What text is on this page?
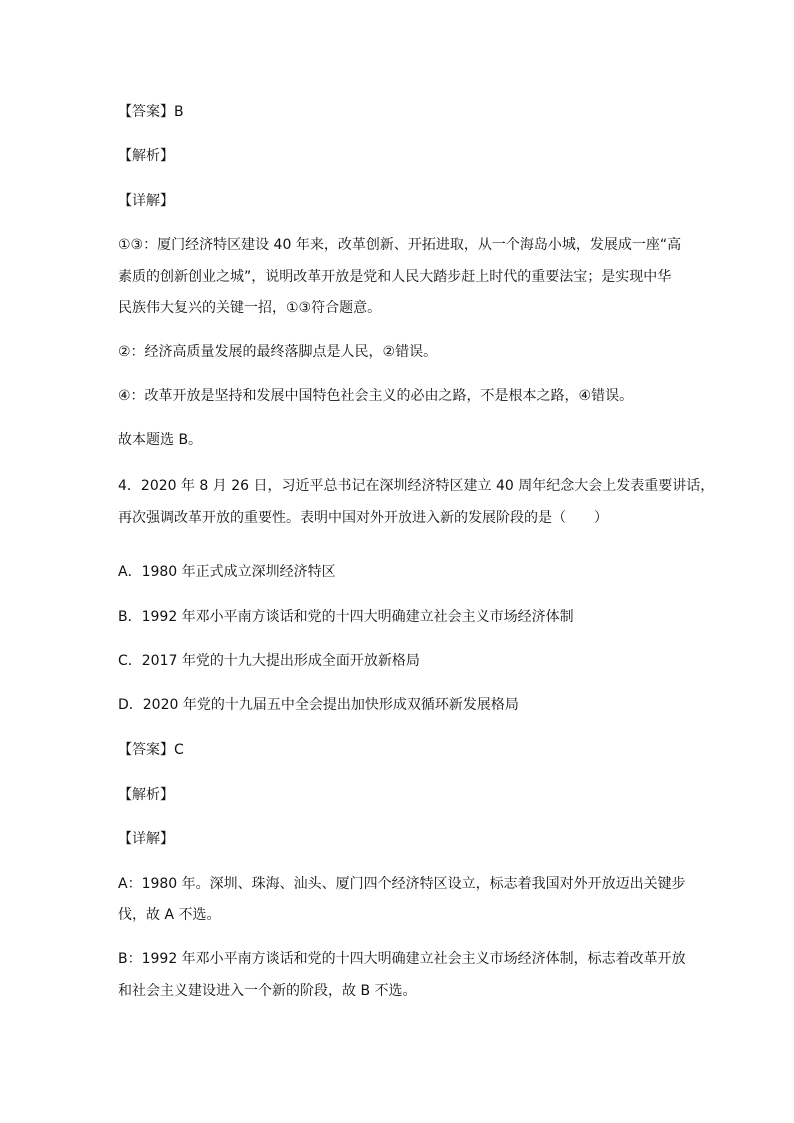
【答案】B
【解析】
【详解】
①③：厦门经济特区建设 40 年来，改革创新、开拓进取，从一个海岛小城，发展成一座“高
素质的创新创业之城”，说明改革开放是党和人民大踏步赶上时代的重要法宝；是实现中华
民族伟大复兴的关键一招，①③符合题意。
②：经济高质量发展的最终落脚点是人民，②错误。
④：改革开放是坚持和发展中国特色社会主义的必由之路，不是根本之路，④错误。
故本题选 B。
4．2020 年 8 月 26 日，习近平总书记在深圳经济特区建立 40 周年纪念大会上发表重要讲话，
再次强调改革开放的重要性。表明中国对外开放进入新的发展阶段的是（　　）
A．1980 年正式成立深圳经济特区
B．1992 年邓小平南方谈话和党的十四大明确建立社会主义市场经济体制
C．2017 年党的十九大提出形成全面开放新格局
D．2020 年党的十九届五中全会提出加快形成双循环新发展格局
【答案】C
【解析】
【详解】
A：1980 年。深圳、珠海、汕头、厦门四个经济特区设立，标志着我国对外开放迈出关键步
伐，故 A 不选。
B：1992 年邓小平南方谈话和党的十四大明确建立社会主义市场经济体制，标志着改革开放
和社会主义建设进入一个新的阶段，故 B 不选。
